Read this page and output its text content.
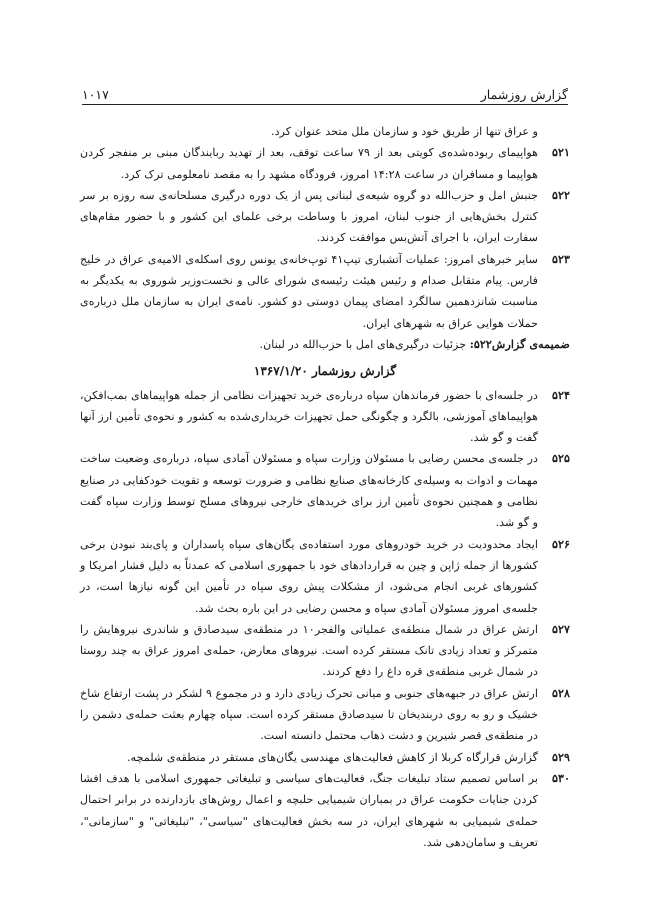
گزارش روزشمار
۱۰۱۷
و عراق تنها از طریق خود و سازمان ملل متحد عنوان کرد.
۵۲۱
هواپیمای ربوده‌شده‌ی کویتی بعد از ۷۹ ساعت توقف، بعد از تهدید ربایندگان مبنی بر منفجر کردن هواپیما و مسافران در ساعت ۱۴:۲۸ امروز، فرودگاه مشهد را به مقصد نامعلومی ترک کرد.
۵۲۲
جنبش امل و حزب‌الله دو گروه شیعه‌ی لبنانی پس از یک دوره درگیری مسلحانه‌ی سه روزه بر سر کنترل بخش‌هایی از جنوب لبنان، امروز با وساطت برخی علمای این کشور و با حضور مقام‌های سفارت ایران، با اجرای آتش‌بس موافقت کردند.
۵۲۳
سایر خبرهای امروز: عملیات آتشباری تیپ۴۱ توپ‌خانه‌ی یونس روی اسکله‌ی الامیه‌ی عراق در خلیج فارس. پیام متقابل صدام و رئیس هیئت رئیسه‌ی شورای عالی و نخست‌وزیر شوروی به یکدیگر به مناسبت شانزدهمین سالگرد امضای پیمان دوستی دو کشور. نامه‌ی ایران به سازمان ملل درباره‌ی حملات هوایی عراق به شهرهای ایران.
ضمیمه‌ی گزارش۵۲۲: جزئیات درگیری‌های امل با حزب‌الله در لبنان.
گزارش روزشمار ۱۳۶۷/۱/۲۰
۵۲۴
در جلسه‌ای با حضور فرماندهان سپاه درباره‌ی خرید تجهیزات نظامی از جمله هواپیماهای بمب‌افکن، هواپیماهای آموزشی، بالگرد و چگونگی حمل تجهیزات خریداری‌شده به کشور و نحوه‌ی تأمین ارز آنها گفت و گو شد.
۵۲۵
در جلسه‌ی محسن رضایی با مسئولان وزارت سپاه و مسئولان آمادی سپاه، درباره‌ی وضعیت ساخت مهمات و ادوات به وسیله‌ی کارخانه‌های صنایع نظامی و ضرورت توسعه و تقویت خودکفایی در صنایع نظامی و همچنین نحوه‌ی تأمین ارز برای خریدهای خارجی نیروهای مسلح توسط وزارت سپاه گفت و گو شد.
۵۲۶
ایجاد محدودیت در خرید خودروهای مورد استفاده‌ی یگان‌های سپاه پاسداران و پای‌بند نبودن برخی کشورها از جمله ژاپن و چین به قراردادهای خود با جمهوری اسلامی که عمدتاً به دلیل فشار امریکا و کشورهای غربی انجام می‌شود، از مشکلات پیش روی سپاه در تأمین این گونه نیازها است، در جلسه‌ی امروز مسئولان آمادی سپاه و محسن رضایی در این باره بحث شد.
۵۲۷
ارتش عراق در شمال منطقه‌ی عملیاتی والفجر۱۰ در منطقه‌ی سیدصادق و شاندری نیروهایش را متمرکز و تعداد زیادی تانک مستقر کرده است. نیروهای معارض، حمله‌ی امروز عراق به چند روستا در شمال غربی منطقه‌ی قره داغ را دفع کردند.
۵۲۸
ارتش عراق در جبهه‌های جنوبی و میانی تحرک زیادی دارد و در مجموع ۹ لشکر در پشت ارتفاع شاخ خشیک و رو به روی دربندیخان تا سیدصادق مستقر کرده است. سپاه چهارم بعثت حمله‌ی دشمن را در منطقه‌ی قصر شیرین و دشت ذهاب محتمل دانسته است.
۵۲۹
گزارش قرارگاه کربلا از کاهش فعالیت‌های مهندسی یگان‌های مستقر در منطقه‌ی شلمچه.
۵۳۰
بر اساس تصمیم ستاد تبلیغات جنگ، فعالیت‌های سیاسی و تبلیغاتی جمهوری اسلامی با هدف افشا کردن جنایات حکومت عراق در بمباران شیمیایی حلبچه و اعمال روش‌های بازدارنده در برابر احتمال حمله‌ی شیمیایی به شهرهای ایران، در سه بخش فعالیت‌های "سیاسی"، "تبلیغاتی" و "سازمانی"، تعریف و سامان‌دهی شد.
